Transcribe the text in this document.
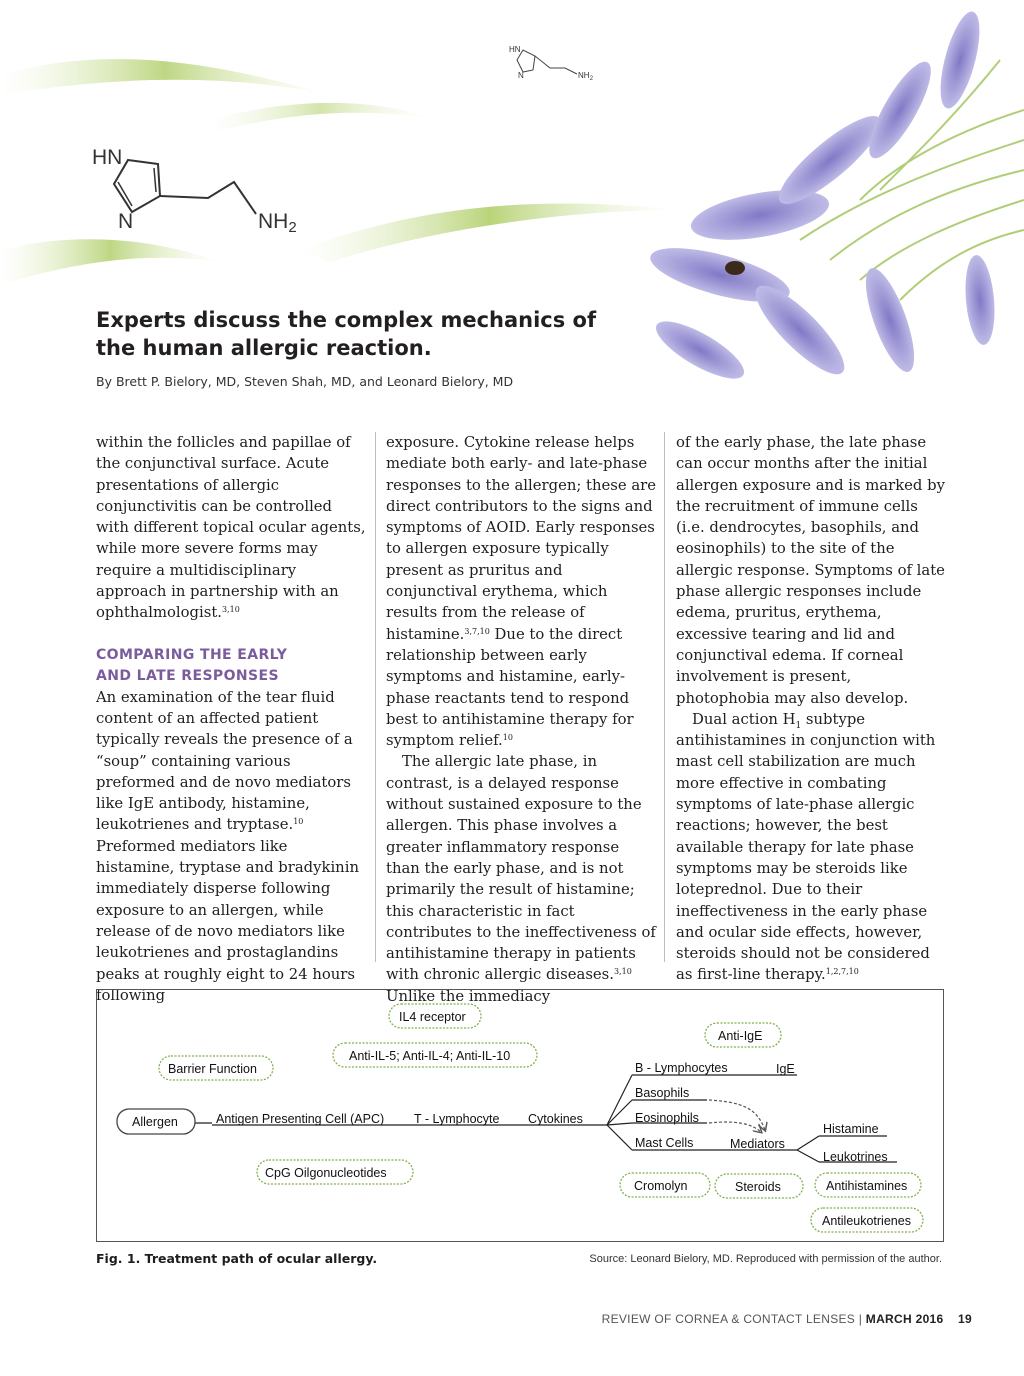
HN
N	$NH_2$
HN
N	NH2
Experts discuss the complex mechanics of
the human allergic reaction.
By Brett P. Bielory, MD, Steven Shah, MD, and Leonard Bielory, MD

within the follicles and papillae of the conjunctival surface. Acute presentations of allergic conjunctivitis can be controlled with different topical ocular agents, while more severe forms may require a multidisciplinary approach in partnership with an ophthalmologist.$^{3,10}$

COMPARING THE EARLY
AND LATE RESPONSES

An examination of the tear fluid content of an affected patient typically reveals the presence of a “soup” containing various preformed and de novo mediators like IgE antibody, histamine, leukotrienes and tryptase.$^{10}$ Preformed mediators like histamine, tryptase and bradykinin immediately disperse following exposure to an allergen, while release of de novo mediators like leukotrienes and prostaglandins peaks at roughly eight to 24 hours following

exposure. Cytokine release helps mediate both early- and late-phase responses to the allergen; these are direct contributors to the signs and symptoms of AOID. Early responses to allergen exposure typically present as pruritus and conjunctival erythema, which results from the release of histamine.$^{3,7,10}$ Due to the direct relationship between early symptoms and histamine, early-phase reactants tend to respond best to antihistamine therapy for symptom relief.$^{10}$

The allergic late phase, in contrast, is a delayed response without sustained exposure to the allergen. This phase involves a greater inflammatory response than the early phase, and is not primarily the result of histamine; this characteristic in fact contributes to the ineffectiveness of antihistamine therapy in patients with chronic allergic diseases.$^{3,10}$ Unlike the immediacy

of the early phase, the late phase can occur months after the initial allergen exposure and is marked by the recruitment of immune cells (i.e. dendrocytes, basophils, and eosinophils) to the site of the allergic response. Symptoms of late phase allergic responses include edema, pruritus, erythema, excessive tearing and lid and conjunctival edema. If corneal involvement is present, photophobia may also develop.

Dual action $H_1$ subtype antihistamines in conjunction with mast cell stabilization are much more effective in combating symptoms of late-phase allergic reactions; however, the best available therapy for late phase symptoms may be steroids like loteprednol. Due to their ineffectiveness in the early phase and ocular side effects, however, steroids should not be considered as first-line therapy.$^{1,2,7,10}$

Allergen	Antigen Presenting Cell (APC) T - Lymphocyte Cytokines
B - Lymphocytes	IgE
Basophils
Eosinophils
Mast Cells	Mediators
Histamine
Leukotrines
IL4 receptor
Anti-IL-5; Anti-IL-4; Anti-IL-10
Barrier Function
Anti-IgE
CpG Oilgonucleotides
Cromolyn	Steroids	Antihistamines
Antileukotrienes
Fig. 1. Treatment path of ocular allergy.	Source: Leonard Bielory, MD. Reproduced with permission of the author.
REVIEW OF CORNEA & CONTACT LENSES | MARCH 2016 19
